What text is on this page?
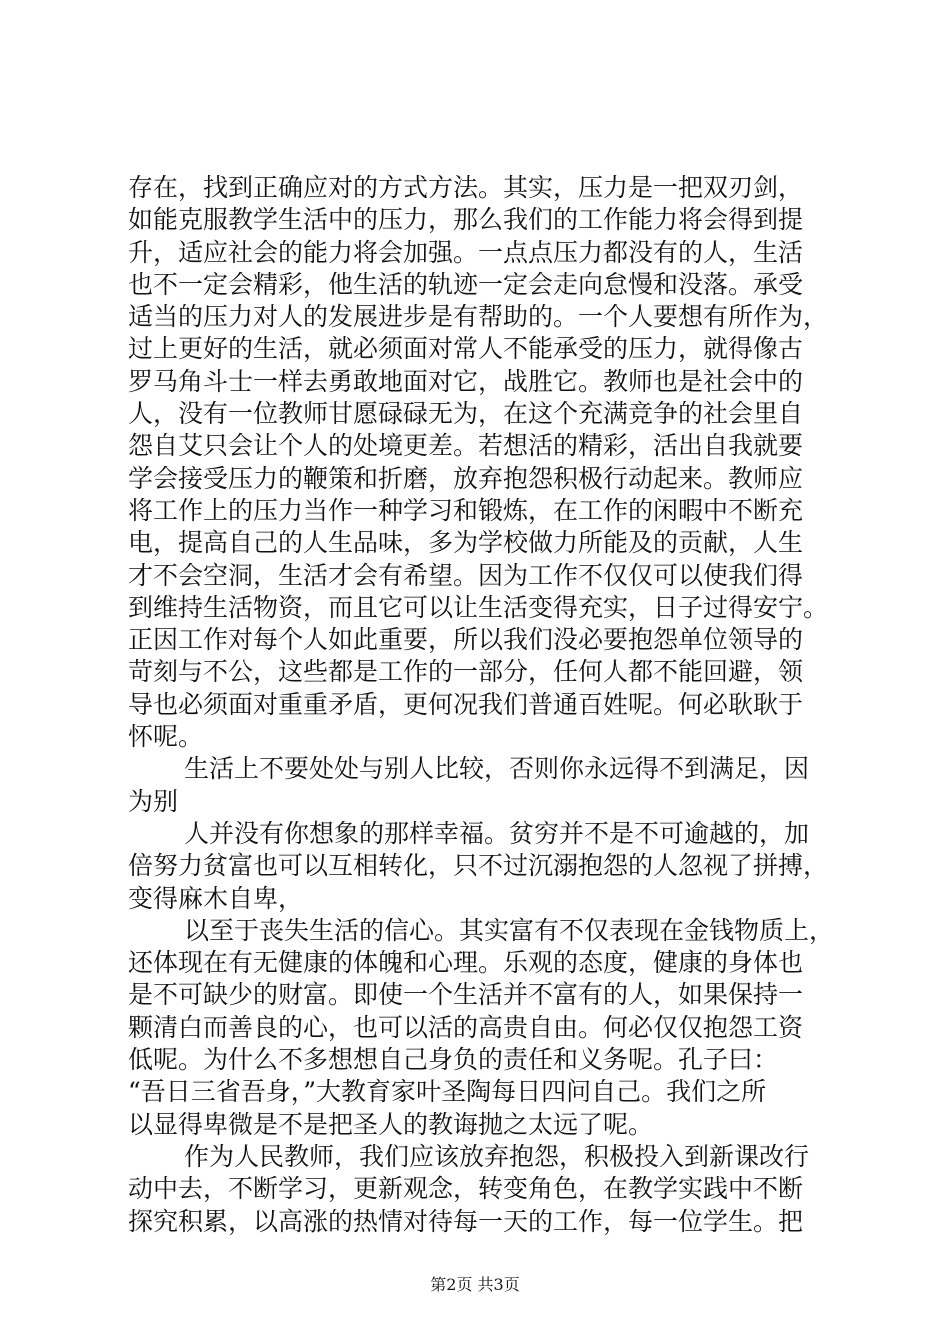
存在，找到正确应对的方式方法。其实，压力是一把双刃剑，
如能克服教学生活中的压力，那么我们的工作能力将会得到提
升，适应社会的能力将会加强。一点点压力都没有的人，生活
也不一定会精彩，他生活的轨迹一定会走向怠慢和没落。承受
适当的压力对人的发展进步是有帮助的。一个人要想有所作为，
过上更好的生活，就必须面对常人不能承受的压力，就得像古
罗马角斗士一样去勇敢地面对它，战胜它。教师也是社会中的
人，没有一位教师甘愿碌碌无为，在这个充满竞争的社会里自
怨自艾只会让个人的处境更差。若想活的精彩，活出自我就要
学会接受压力的鞭策和折磨，放弃抱怨积极行动起来。教师应
将工作上的压力当作一种学习和锻炼，在工作的闲暇中不断充
电，提高自己的人生品味，多为学校做力所能及的贡献，人生
才不会空洞，生活才会有希望。因为工作不仅仅可以使我们得
到维持生活物资，而且它可以让生活变得充实，日子过得安宁。
正因工作对每个人如此重要，所以我们没必要抱怨单位领导的
苛刻与不公，这些都是工作的一部分，任何人都不能回避，领
导也必须面对重重矛盾，更何况我们普通百姓呢。何必耿耿于
怀呢。
生活上不要处处与别人比较，否则你永远得不到满足，因
为别
人并没有你想象的那样幸福。贫穷并不是不可逾越的，加
倍努力贫富也可以互相转化，只不过沉溺抱怨的人忽视了拼搏，
变得麻木自卑，
以至于丧失生活的信心。其实富有不仅表现在金钱物质上，
还体现在有无健康的体魄和心理。乐观的态度，健康的身体也
是不可缺少的财富。即使一个生活并不富有的人，如果保持一
颗清白而善良的心，也可以活的高贵自由。何必仅仅抱怨工资
低呢。为什么不多想想自己身负的责任和义务呢。孔子曰：
“吾日三省吾身，”大教育家叶圣陶每日四问自己。我们之所
以显得卑微是不是把圣人的教诲抛之太远了呢。
作为人民教师，我们应该放弃抱怨，积极投入到新课改行
动中去，不断学习，更新观念，转变角色，在教学实践中不断
探究积累，以高涨的热情对待每一天的工作，每一位学生。把
第2页 共3页
